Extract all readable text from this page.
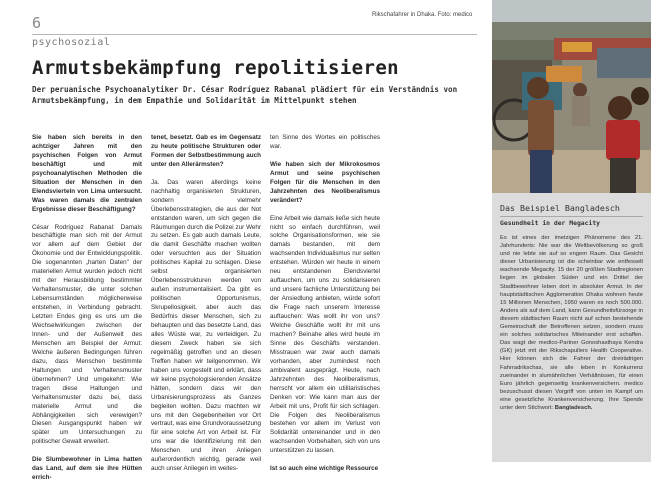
6
psychosozial
Rikschafahrer in Dhaka. Foto: medico
Armutsbekämpfung repolitisieren
Der peruanische Psychoanalytiker Dr. César Rodríguez Rabanal plädiert für ein Verständnis von Armutsbekämpfung, in dem Empathie und Solidarität im Mittelpunkt stehen

Sie haben sich bereits in den achtziger Jahren mit den psychischen Folgen von Armut beschäftigt und mit psychoanalytischen Methoden die Situation der Menschen in den Elendsvierteln von Lima untersucht. Was waren damals die zentralen Ergebnisse dieser Beschäftigung?

César Rodríguez Rabanal: Damals beschäftigte man sich mit der Armut vor allem auf dem Gebiet der Ökonomie und der Entwicklungspolitik. Die sogenannten „harten Daten" der materiellen Armut wurden jedoch nicht mit der Herausbildung bestimmter Verhaltensmuster, die unter solchen Lebensumständen möglicherweise entstehen, in Verbindung gebracht. Letzten Endes ging es uns um die Wechselwirkungen zwischen der Innen- und der Außenwelt des Menschen am Beispiel der Armut: Welche äußeren Bedingungen führen dazu, dass Menschen bestimmte Haltungen und Verhaltensmuster übernehmen? Und umgekehrt: Wie tragen diese Haltungen und Verhaltensmuster dazu bei, dass materielle Armut und die Abhängigkeiten sich verewigen? Diesen Ausgangspunkt haben wir später um Untersuchungen zu politischer Gewalt erweitert.

Die Slumbewohner in Lima hatten das Land, auf dem sie ihre Hütten errich-

tenet, besetzt. Gab es im Gegensatz zu heute politische Strukturen oder Formen der Selbstbestimmung auch unter den Allerärmsten?

Ja. Das waren allerdings keine nachhaltig organisierten Strukturen, sondern vielmehr Überlebensstrategien, die aus der Not entstanden waren, um sich gegen die Räumungen durch die Polizei zur Wehr zu setzen. Es gab auch damals Leute, die damit Geschäfte machen wollten oder versuchten aus der Situation politisches Kapital zu schlagen. Diese selbst organisierten Überlebensstrukturen werden von außen instrumentalisiert. Da gibt es politischen Opportunismus, Skrupellosigkeit, aber auch das Bedürfnis dieser Menschen, sich zu behaupten und das besetzte Land, das alles Wüste war, zu verteidigen. Zu diesem Zweck haben sie sich regelmäßig getroffen und an diesen Treffen haben wir teilgenommen. Wir haben uns vorgestellt und erklärt, dass wir keine psychologisierenden Ansätze hätten, sondern dass wir den Urbanisierungsprozess als Ganzes begleiten wollten. Dazu machten wir uns mit den Gegebenheiten vor Ort vertraut, was eine Grundvoraussetzung für eine solche Art von Arbeit ist. Für uns war die Identifizierung mit den Menschen und ihren Anliegen außerordentlich wichtig, gerade weil auch unser Anliegen im weites-

ten Sinne des Wortes ein politisches war.

Wie haben sich der Mikrokosmos Armut und seine psychischen Folgen für die Menschen in den Jahrzehnten des Neoliberalismus verändert?

Eine Arbeit wie damals ließe sich heute nicht so einfach durchführen, weil solche Organisationsformen, wie sie damals bestanden, mit dem wachsenden Individualismus nur selten entstehen. Würden wir heute in einem neu entstandenen Elendsviertel auftauchen, um uns zu solidarisieren und unsere fachliche Unterstützung bei der Ansiedlung anbieten, würde sofort die Frage nach unserem Interesse auftauchen: Was wollt ihr von uns? Welche Geschäfte wollt ihr mit uns machen? Beinahe alles wird heute im Sinne des Geschäfts verstanden. Misstrauen war zwar auch damals vorhanden, aber zumindest noch ambivalent ausgeprägt. Heute, nach Jahrzehnten des Neoliberalismus, herrscht vor allem ein utilitaristisches Denken vor: Wie kann man aus der Arbeit mit uns, Profit für sich schlagen. Die Folgen des Neoliberalismus bestehen vor allem im Verlust von Solidarität untereinander und in den wachsenden Vorbehalten, sich von uns unterstützen zu lassen.

Ist so auch eine wichtige Ressource

Das Beispiel Bangladesch
Gesundheit in der Megacity
Es ist eines der imetzigen Phänomene des 21. Jahrhunderts: Nie war die Weltbevölkerung so groß und nie lebte sie auf so engem Raum. Das Gesicht dieser Urbanisierung ist die scheinbar wie entfesselt wachsende Megacity. 15 der 20 größten Stadtregionen liegen im globalen Süden und ein Drittel der Stadtbewohner leben dort in absoluter Armut. In der hauptstädtischen Agglomeration Dhaka wohnen heute 15 Millionen Menschen, 1950 waren es noch 500.000. Anders als auf dem Land, kann Gesundheitsfürsorge in diesem städtischen Raum nicht auf schon bestehende Gemeinschaft der Betroffenen setzen, sondern muss ein solches solidarisches Miteinander erst schaffen. Das wagt der medico-Partner Gonoshasthaya Kendra (GK) jetzt mit der Rikschapullers Health Cooperative. Hier können sich die Fahrer der dreirädrigen Fahrradrikschas, sie alle leben in Konkurrenz zueinander in slumähnlichen Verhältnissen, für einen Euro jährlich gegenseitig krankenversichern. medico bezuschusst diesen Vorgriff von unten im Kampf um eine gesetzliche Krankenversicherung. Ihre Spende unter dem Stichwort: Bangladesch.
